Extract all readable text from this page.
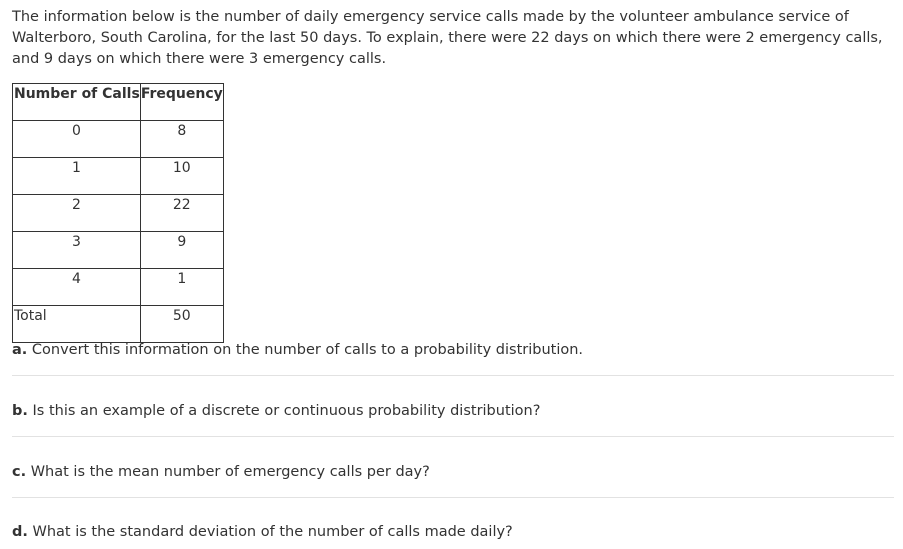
The information below is the number of daily emergency service calls made by the volunteer ambulance service of Walterboro, South Carolina, for the last 50 days. To explain, there were 22 days on which there were 2 emergency calls, and 9 days on which there were 3 emergency calls.

Number of Calls	Frequency
0	8
1	10
2	22
3	9
4	1
Total	50

a. Convert this information on the number of calls to a probability distribution.

b. Is this an example of a discrete or continuous probability distribution?

c. What is the mean number of emergency calls per day?

d. What is the standard deviation of the number of calls made daily?
